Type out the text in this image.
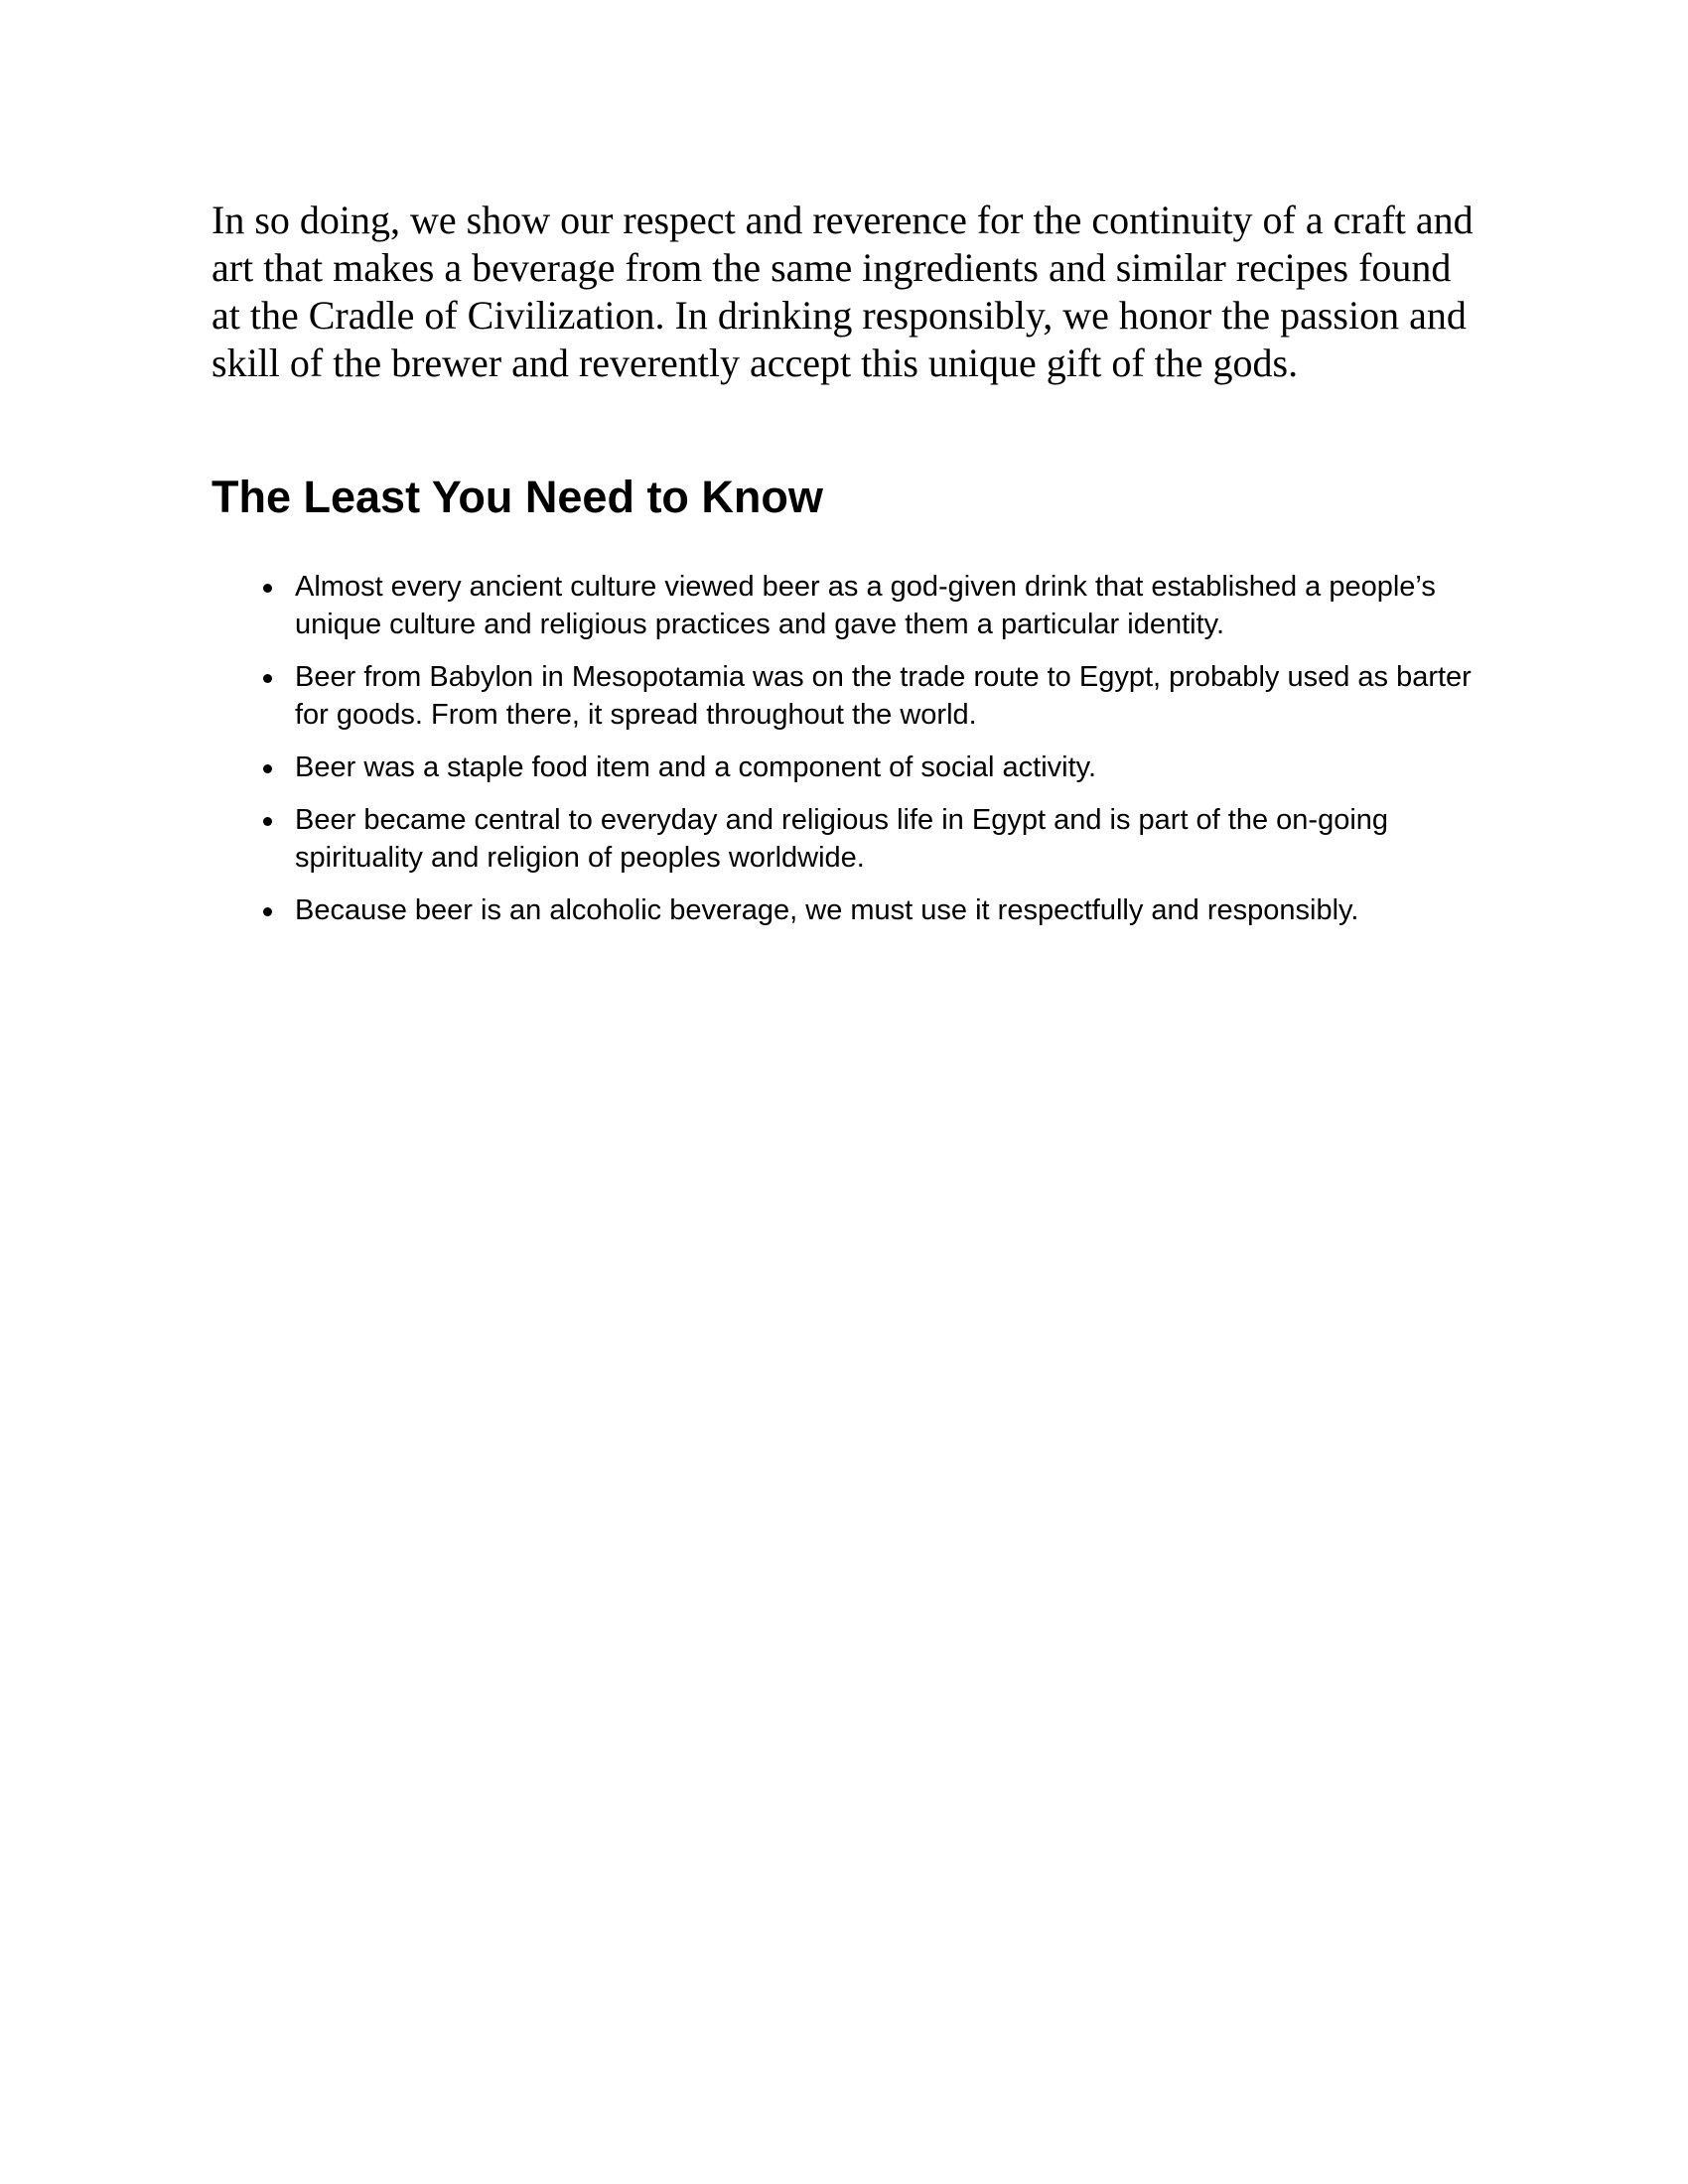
In so doing, we show our respect and reverence for the continuity of a craft and art that makes a beverage from the same ingredients and similar recipes found at the Cradle of Civilization. In drinking responsibly, we honor the passion and skill of the brewer and reverently accept this unique gift of the gods.

The Least You Need to Know
Almost every ancient culture viewed beer as a god-given drink that established a people’s unique culture and religious practices and gave them a particular identity.
Beer from Babylon in Mesopotamia was on the trade route to Egypt, probably used as barter for goods. From there, it spread throughout the world.
Beer was a staple food item and a component of social activity.
Beer became central to everyday and religious life in Egypt and is part of the on-going spirituality and religion of peoples worldwide.
Because beer is an alcoholic beverage, we must use it respectfully and responsibly.
